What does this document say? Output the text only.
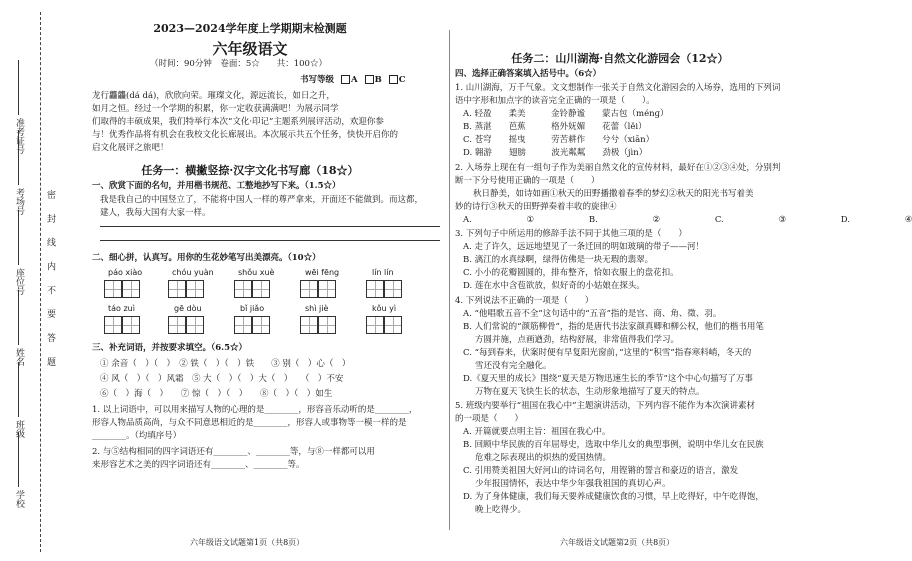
准考证号
考场号
座位号
姓名
班级
学校
密 封 线 内 不 要 答 题
2023—2024学年度上学期期末检测题
六年级语文
（时间：90分钟　卷面：5☆　　共：100☆）
书写等级 A B C
龙行龘龘(dá dá)，欣欣向荣。璀璨文化，源远流长，如日之升，
如月之恒。经过一个学期的积累，你一定收获满满吧！为展示同学
们取得的丰硕成果，我们特举行本次“文化·印记”主题系列展评活动，欢迎你参
与！优秀作品将有机会在我校文化长廊展出。本次展示共五个任务，快快开启你的
启文化展评之旅吧！
任务一：横撇竖捺·汉字文化书写廊（18☆）
一、欣赏下面的名句，并用楷书规范、工整地抄写下来。（1.5☆）
我是我自己的中国竖立了，不能将中国人一样的尊严拿来，开面还不能做到。而这都，
建人，我每大国有大家一样。
二、细心拼，认真写。用你的生花妙笔写出美漂亮。（10☆）
páo xiào	chóu yuàn	shǒu xuè	wēi fēng	lín lín
táo zuì	gē dòu	bǐ jiǎo	shì jiè	kǒu yì
三、补充词语，并按要求填空。（6.5☆）
① 余音（　）（　）　② 铁（　）（　）铁　　③ 别（　）心（　）
④ 风（　）（　）风霜　⑤ 大（　）（　）大（　）　　（　）不安
⑥（　）海（　）　　⑦ 惊（　）（　）　　⑧（　）（　）如生
1. 以上词语中，可以用来描写人物的心理的是________，形容音乐动听的是________，
形容人物品质高尚，与众不同意思相近的是________，形容人或事物等一模一样的是
________。（均填序号）
2. 与⑤结构相同的四字词语还有________、________等，与⑧一样都可以用
来形容艺术之美的四字词语还有________、________等。
六年级语文试题第1页（共8页）
任务二：山川湖海·自然文化游园会（12☆）
四、选择正确答案填入括号中。（6☆）
1. 山川湖海，万千气象。文文想制作一张关于自然文化游园会的入场券，选用的下列词
语中字形和加点字的读音完全正确的一项是（　　）。
A. 轻盈　　柔美　　　金铃静谧　　蒙古包（ménɡ）
B. 蒸湛　　芭蕉　　　格外妩媚　　花蕾（lěi）
C. 苍穹　　摇曳　　　劳苦耕作　　兮兮（xiān）
D. 翱游　　翅膀　　　波光粼粼　　劲极（jìn）
2. 入场券上现在有一组句子作为美丽自然文化的宣传材料，最好在①②③④处，分别判
断一下分号使用正确的一项是（　　）
秋日静美，如诗如画①秋天的田野播撒着春季的梦幻②秋天的阳光书写着美
妙的诗行③秋天的田野弹奏着丰收的旋律④
A. ①	B. ②	C. ③	D. ④
3. 下列句子中所运用的修辞手法不同于其他三项的是（　　）
A. 走了许久，远远地望见了一条迁回的明如玻璃的带子——河！
B. 漓江的水真绿啊，绿得仿佛是一块无瑕的翡翠。
C. 小小的花瓣圆圆的，排布整齐，恰如衣服上的盘花扣。
D. 莲在水中含苞欲放，似好奇的小姑娘在探头。
4. 下列说法不正确的一项是（　　）
A. “他唱歌五音不全”这句话中的“五音”指的是宫、商、角、徵、羽。
B. 人们常说的“颜筋柳骨”，指的是唐代书法家颜真卿和柳公权，他们的楷书用笔
方圆并施，点画遒劲，结构舒展，非常值得我们学习。
C. “每到春来，伏案时便有早复阳光窗前，”这里的“积雪”指春寒料峭，冬天的
雪还没有完全融化。
D.《夏天里的成长》围绕“夏天是万物迅速生长的季节”这个中心句描写了万事
万物在夏天飞快生长的状态，生动形象地描写了夏天的特点。
5. 班级内要举行“祖国在我心中”主题演讲活动，下列内容不能作为本次演讲素材
的一项是（　　）
A. 开篇就要点明主旨：祖国在我心中。
B. 回顾中华民族的百年屈辱史，选取中华儿女的典型事例，说明中华儿女在民族
危难之际表现出的炽热的爱国热情。
C. 引用赞美祖国大好河山的诗词名句，用铿锵的誓言和豪迈的语言，激发
少年报国情怀，表达中华少年强我祖国的真切心声。
D. 为了身体健康，我们每天要养成健康饮食的习惯，早上吃得好，中午吃得饱，
晚上吃得少。
六年级语文试题第2页（共8页）
